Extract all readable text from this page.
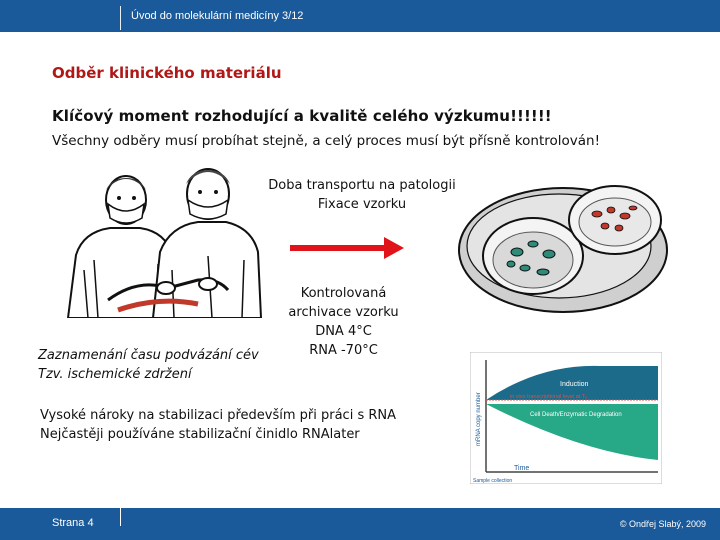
Úvod do molekulární medicíny 3/12
Odběr klinického materiálu
Klíčový moment rozhodující a kvalitě celého výzkumu!!!!!!
Všechny odběry musí probíhat stejně, a celý proces musí být přísně kontrolován!
Doba transportu na patologii
Fixace vzorku
Kontrolovaná
archivace vzorku
DNA 4°C
RNA -70°C
Zaznamenání času podvázání cév
Tzv. ischemické zdržení
Vysoké nároky na stabilizaci především při práci s RNA
Nejčastěji používáne stabilizační činidlo RNAlater	mRNA copy number
Induction
in vivo transcriptional level at T₀
Cell Death/Enzymatic Degradation
Time
Sample collection
Strana 4	© Ondřej Slabý, 2009
